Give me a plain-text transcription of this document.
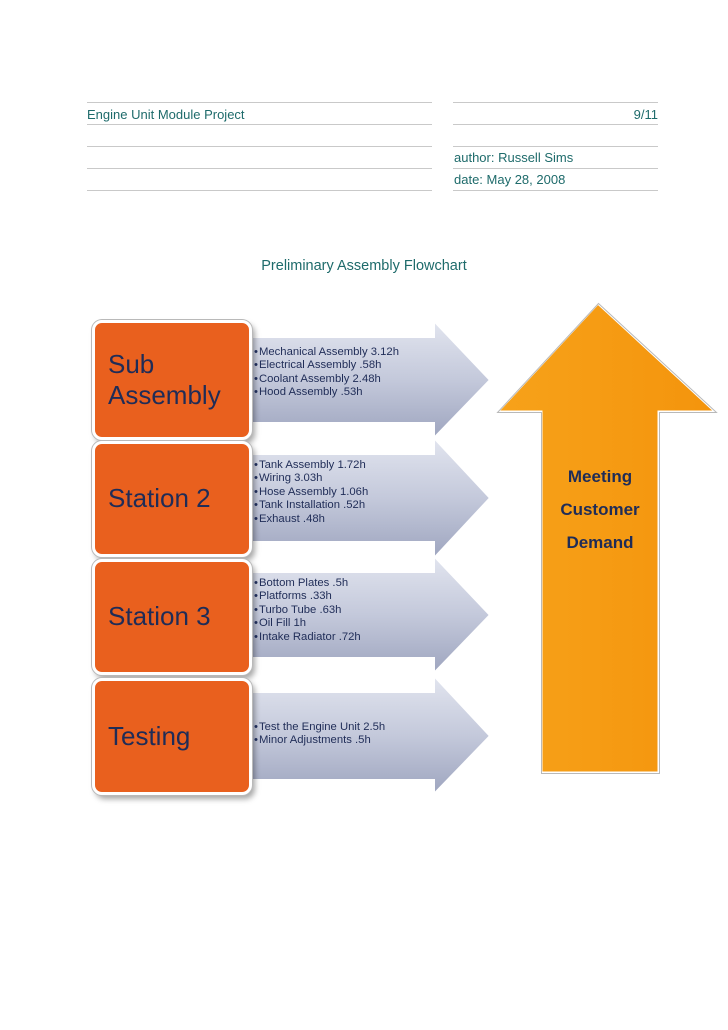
Engine Unit Module Project	9/11
author: Russell Sims
date: May 28, 2008
Preliminary Assembly Flowchart
Sub Assembly
Station 2
Station 3
Testing
• Mechanical Assembly 3.12h
• Electrical Assembly .58h
• Coolant Assembly 2.48h
• Hood Assembly .53h
• Tank Assembly 1.72h
• Wiring 3.03h
• Hose Assembly 1.06h
• Tank Installation .52h
• Exhaust .48h
• Bottom Plates .5h
• Platforms .33h
• Turbo Tube .63h
• Oil Fill 1h
• Intake Radiator .72h
• Test the Engine Unit 2.5h
• Minor Adjustments .5h
Meeting
Customer
Demand
